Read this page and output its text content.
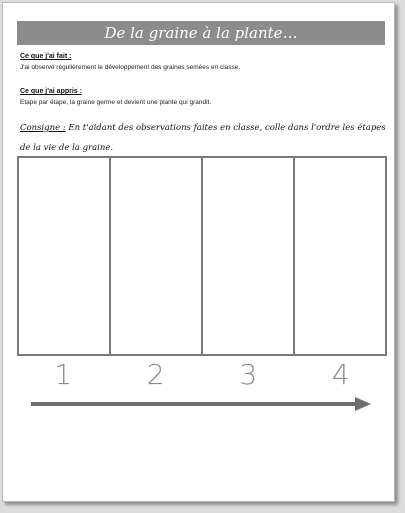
De la graine à la plante…
Ce que j'ai fait :
J'ai observé régulièrement le développement des graines semées en classe.
Ce que j'ai appris :
Etape par étape, la graine germe et devient une plante qui grandit.
Consigne : En t'aidant des observations faites en classe, colle dans l'ordre les étapes de la vie de la graine.
1	2	3	4
